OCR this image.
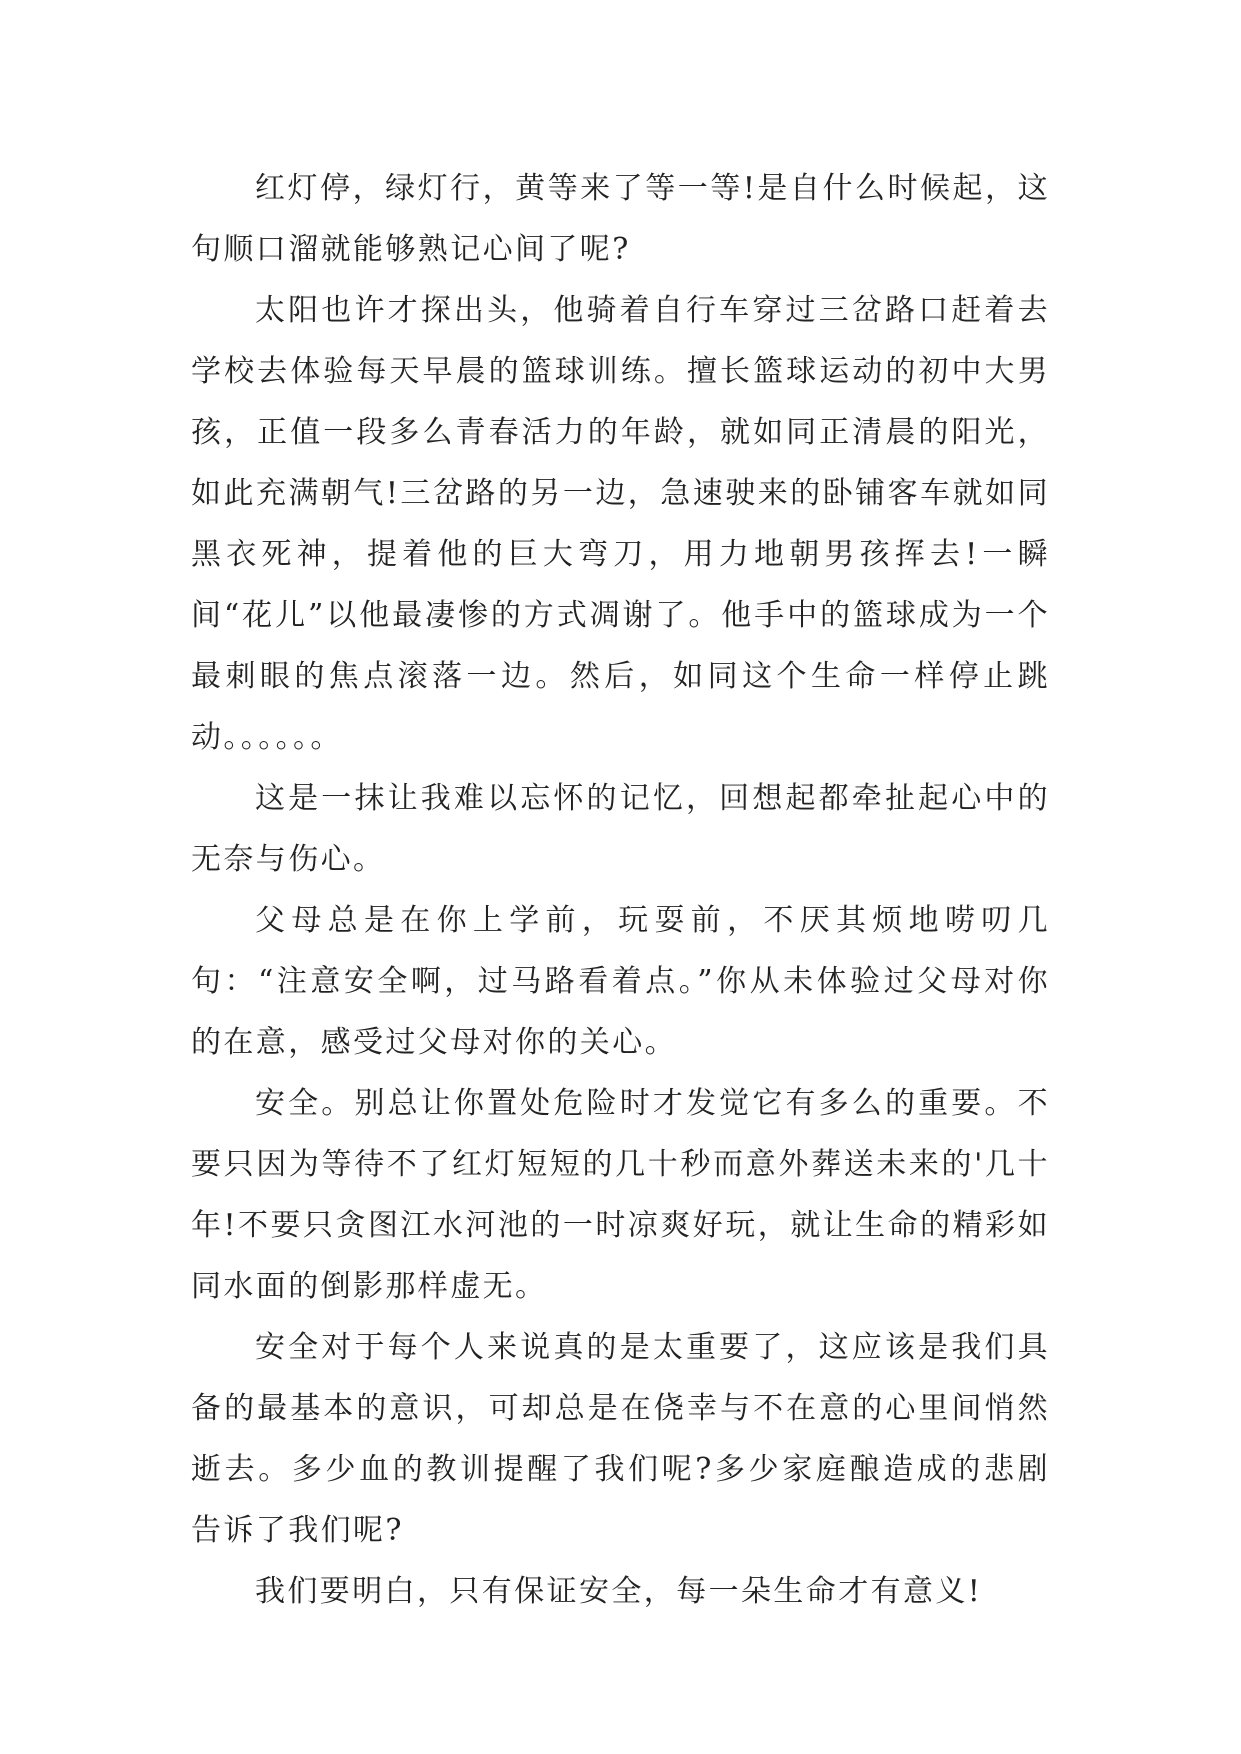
红灯停，绿灯行，黄等来了等一等!是自什么时候起，这句顺口溜就能够熟记心间了呢?

太阳也许才探出头，他骑着自行车穿过三岔路口赶着去学校去体验每天早晨的篮球训练。擅长篮球运动的初中大男孩，正值一段多么青春活力的年龄，就如同正清晨的阳光，如此充满朝气!三岔路的另一边，急速驶来的卧铺客车就如同黑衣死神，提着他的巨大弯刀，用力地朝男孩挥去!一瞬间“花儿”以他最凄惨的方式凋谢了。他手中的篮球成为一个最刺眼的焦点滚落一边。然后，如同这个生命一样停止跳动。。。。。。

这是一抹让我难以忘怀的记忆，回想起都牵扯起心中的无奈与伤心。

父母总是在你上学前，玩耍前，不厌其烦地唠叨几句：“注意安全啊，过马路看着点。”你从未体验过父母对你的在意，感受过父母对你的关心。

安全。别总让你置处危险时才发觉它有多么的重要。不要只因为等待不了红灯短短的几十秒而意外葬送未来的'几十年!不要只贪图江水河池的一时凉爽好玩，就让生命的精彩如同水面的倒影那样虚无。

安全对于每个人来说真的是太重要了，这应该是我们具备的最基本的意识，可却总是在侥幸与不在意的心里间悄然逝去。多少血的教训提醒了我们呢?多少家庭酿造成的悲剧告诉了我们呢?

我们要明白，只有保证安全，每一朵生命才有意义!
